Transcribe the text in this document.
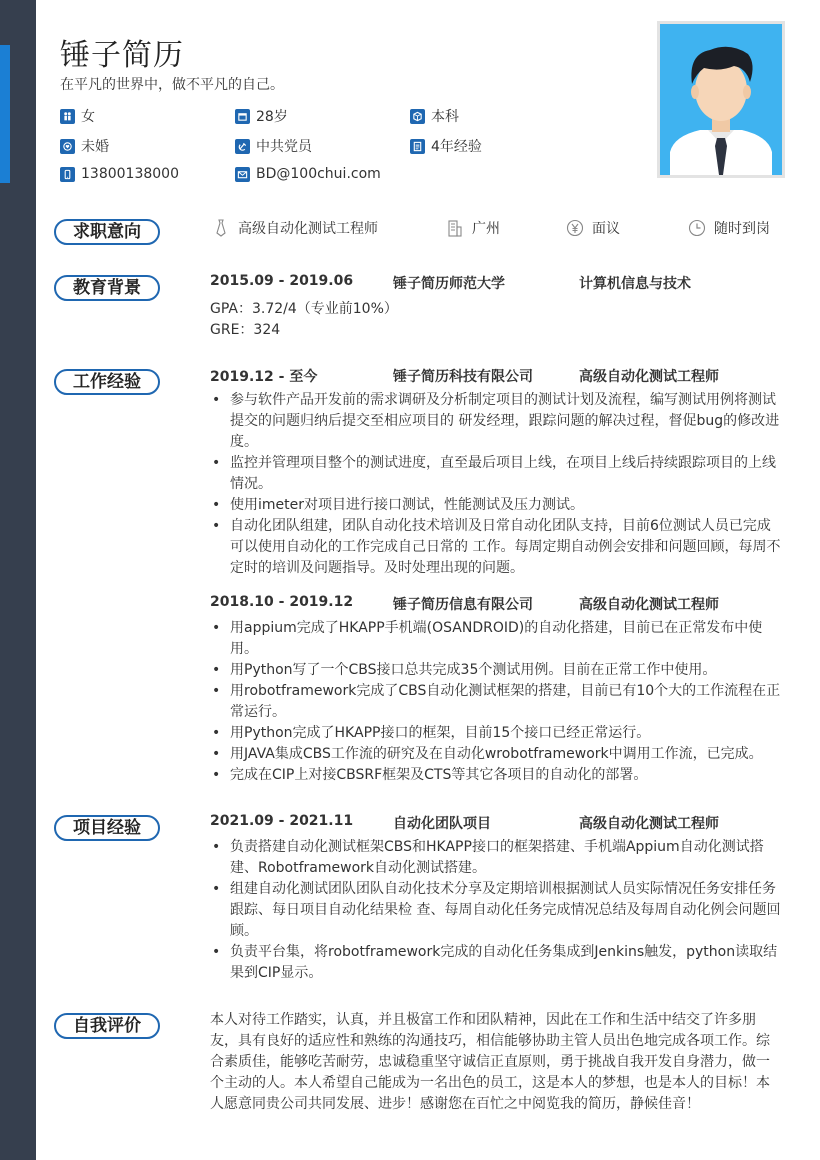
锤子简历
在平凡的世界中，做不平凡的自己。
女	28岁	本科
未婚	中共党员	4年经验
13800138000	BD@100chui.com
求职意向	高级自动化测试工程师	广州	面议	随时到岗
教育背景	2015.09 - 2019.06	锤子简历师范大学	计算机信息与技术
GPA：3.72/4（专业前10%）
GRE：324
工作经验	2019.12 - 至今	锤子简历科技有限公司	高级自动化测试工程师
• 参与软件产品开发前的需求调研及分析制定项目的测试计划及流程，编写测试用例将测试提交的问题归纳后提交至相应项目的 研发经理，跟踪问题的解决过程，督促bug的修改进度。
• 监控并管理项目整个的测试进度，直至最后项目上线，在项目上线后持续跟踪项目的上线情况。
• 使用imeter对项目进行接口测试，性能测试及压力测试。
• 自动化团队组建，团队自动化技术培训及日常自动化团队支持，目前6位测试人员已完成可以使用自动化的工作完成自己日常的 工作。每周定期自动例会安排和问题回顾，每周不定时的培训及问题指导。及时处理出现的问题。
2018.10 - 2019.12	锤子简历信息有限公司	高级自动化测试工程师
• 用appium完成了HKAPP手机端(OSANDROID)的自动化搭建，目前已在正常发布中使用。
• 用Python写了一个CBS接口总共完成35个测试用例。目前在正常工作中使用。
• 用robotframework完成了CBS自动化测试框架的搭建，目前已有10个大的工作流程在正常运行。
• 用Python完成了HKAPP接口的框架，目前15个接口已经正常运行。
• 用JAVA集成CBS工作流的研究及在自动化wrobotframework中调用工作流，已完成。
• 完成在CIP上对接CBSRF框架及CTS等其它各项目的自动化的部署。
项目经验	2021.09 - 2021.11	自动化团队项目	高级自动化测试工程师
• 负责搭建自动化测试框架CBS和HKAPP接口的框架搭建、手机端Appium自动化测试搭建、Robotframework自动化测试搭建。
• 组建自动化测试团队团队自动化技术分享及定期培训根据测试人员实际情况任务安排任务跟踪、每日项目自动化结果检 查、每周自动化任务完成情况总结及每周自动化例会问题回顾。
• 负责平台集，将robotframework完成的自动化任务集成到Jenkins触发，python读取结果到CIP显示。
自我评价	本人对待工作踏实，认真，并且极富工作和团队精神，因此在工作和生活中结交了许多朋友，具有良好的适应性和熟练的沟通技巧，相信能够协助主管人员出色地完成各项工作。综合素质佳，能够吃苦耐劳，忠诚稳重坚守诚信正直原则，勇于挑战自我开发自身潜力，做一个主动的人。本人希望自己能成为一名出色的员工，这是本人的梦想，也是本人的目标！本人愿意同贵公司共同发展、进步！感谢您在百忙之中阅览我的简历，静候佳音！
